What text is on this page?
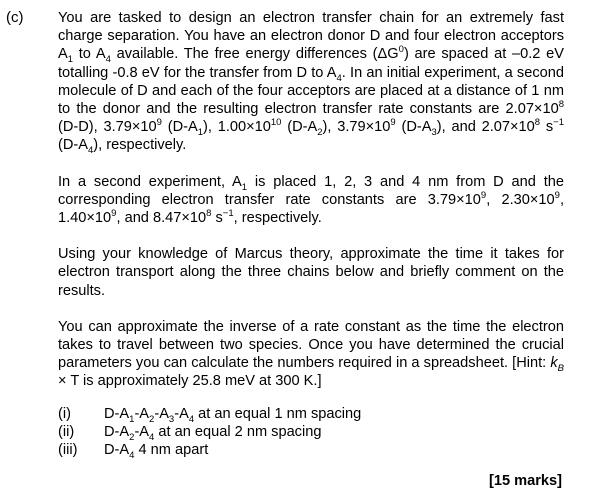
(c) You are tasked to design an electron transfer chain for an extremely fast charge separation. You have an electron donor D and four electron acceptors $A_1$ to $A_4$ available. The free energy differences $(\Delta G^0)$ are spaced at –0.2 eV totalling -0.8 eV for the transfer from D to $A_4$. In an initial experiment, a second molecule of D and each of the four acceptors are placed at a distance of 1 nm to the donor and the resulting electron transfer rate constants are $2.07\times 10^8$ (D-D), $3.79\times 10^9$ $(D-A_1)$, $1.00\times 10^{10}$ $(D-A_2)$, $3.79\times 10^9$ $(D-A_3)$, and $2.07\times 10^8$ $s^{-1}$ $(D-A_4)$, respectively.

In a second experiment, $A_1$ is placed 1, 2, 3 and 4 nm from D and the corresponding electron transfer rate constants are $3.79\times 10^9$, $2.30\times 10^9$, $1.40\times 10^9$, and $8.47\times 10^8$ $s^{-1}$, respectively.

Using your knowledge of Marcus theory, approximate the time it takes for electron transport along the three chains below and briefly comment on the results.

You can approximate the inverse of a rate constant as the time the electron takes to travel between two species. Once you have determined the crucial parameters you can calculate the numbers required in a spreadsheet. [Hint: $k_B \times T$ is approximately 25.8 meV at 300 K.]

(i)	$D-A_1-A_2-A_3-A_4$ at an equal 1 nm spacing
(ii)	$D-A_2-A_4$ at an equal 2 nm spacing
(iii)	$D-A_4$ 4 nm apart
[15 marks]
